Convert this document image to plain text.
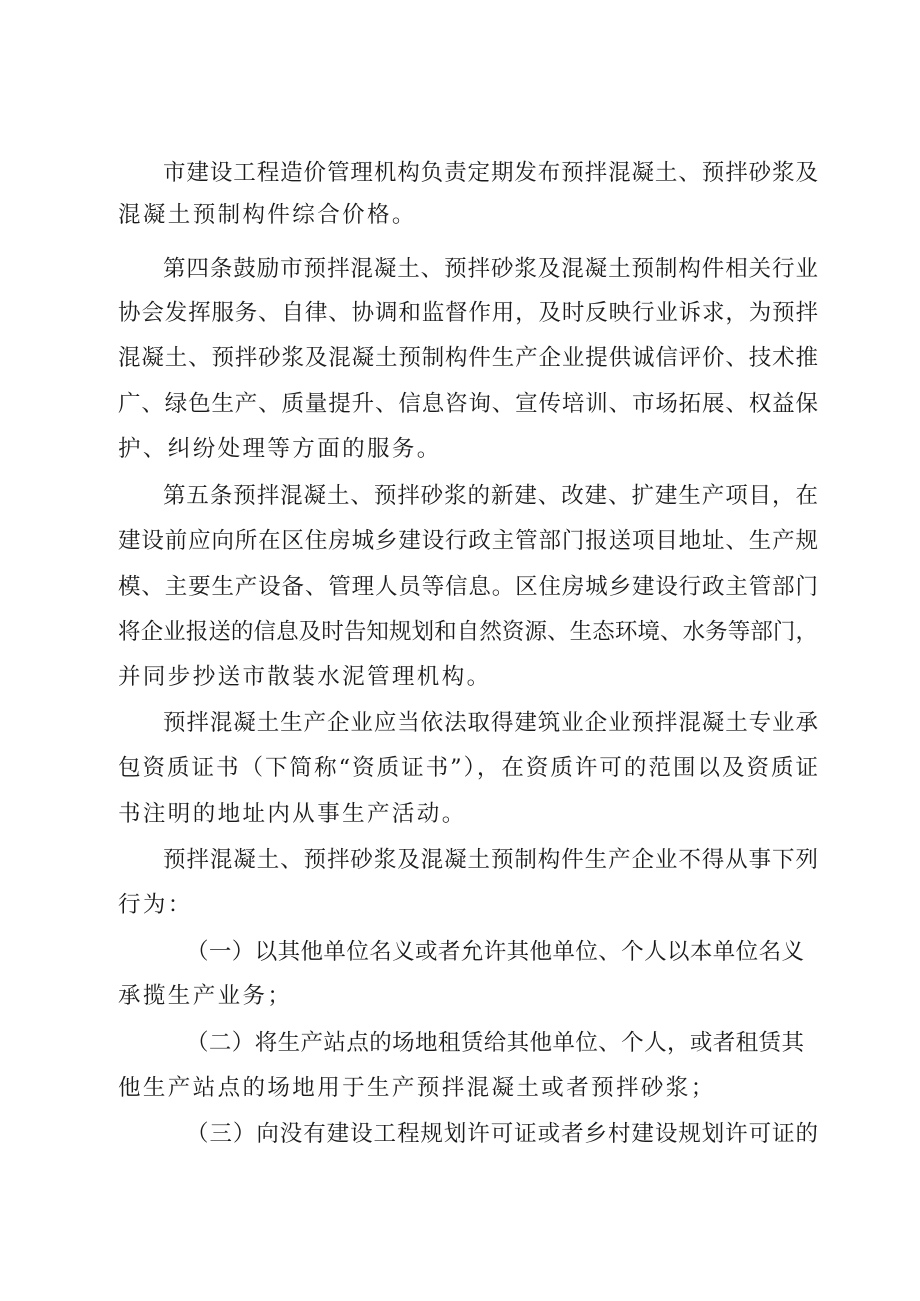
市建设工程造价管理机构负责定期发布预拌混凝土、预拌砂浆及

混凝土预制构件综合价格。

第四条鼓励市预拌混凝土、预拌砂浆及混凝土预制构件相关行业

协会发挥服务、自律、协调和监督作用，及时反映行业诉求，为预拌

混凝土、预拌砂浆及混凝土预制构件生产企业提供诚信评价、技术推

广、绿色生产、质量提升、信息咨询、宣传培训、市场拓展、权益保

护、纠纷处理等方面的服务。

第五条预拌混凝土、预拌砂浆的新建、改建、扩建生产项目，在

建设前应向所在区住房城乡建设行政主管部门报送项目地址、生产规

模、主要生产设备、管理人员等信息。区住房城乡建设行政主管部门

将企业报送的信息及时告知规划和自然资源、生态环境、水务等部门，

并同步抄送市散装水泥管理机构。

预拌混凝土生产企业应当依法取得建筑业企业预拌混凝土专业承

包资质证书（下简称“资质证书”），在资质许可的范围以及资质证

书注明的地址内从事生产活动。

预拌混凝土、预拌砂浆及混凝土预制构件生产企业不得从事下列

行为：

（一）以其他单位名义或者允许其他单位、个人以本单位名义

承揽生产业务；

（二）将生产站点的场地租赁给其他单位、个人，或者租赁其

他生产站点的场地用于生产预拌混凝土或者预拌砂浆；

（三）向没有建设工程规划许可证或者乡村建设规划许可证的
